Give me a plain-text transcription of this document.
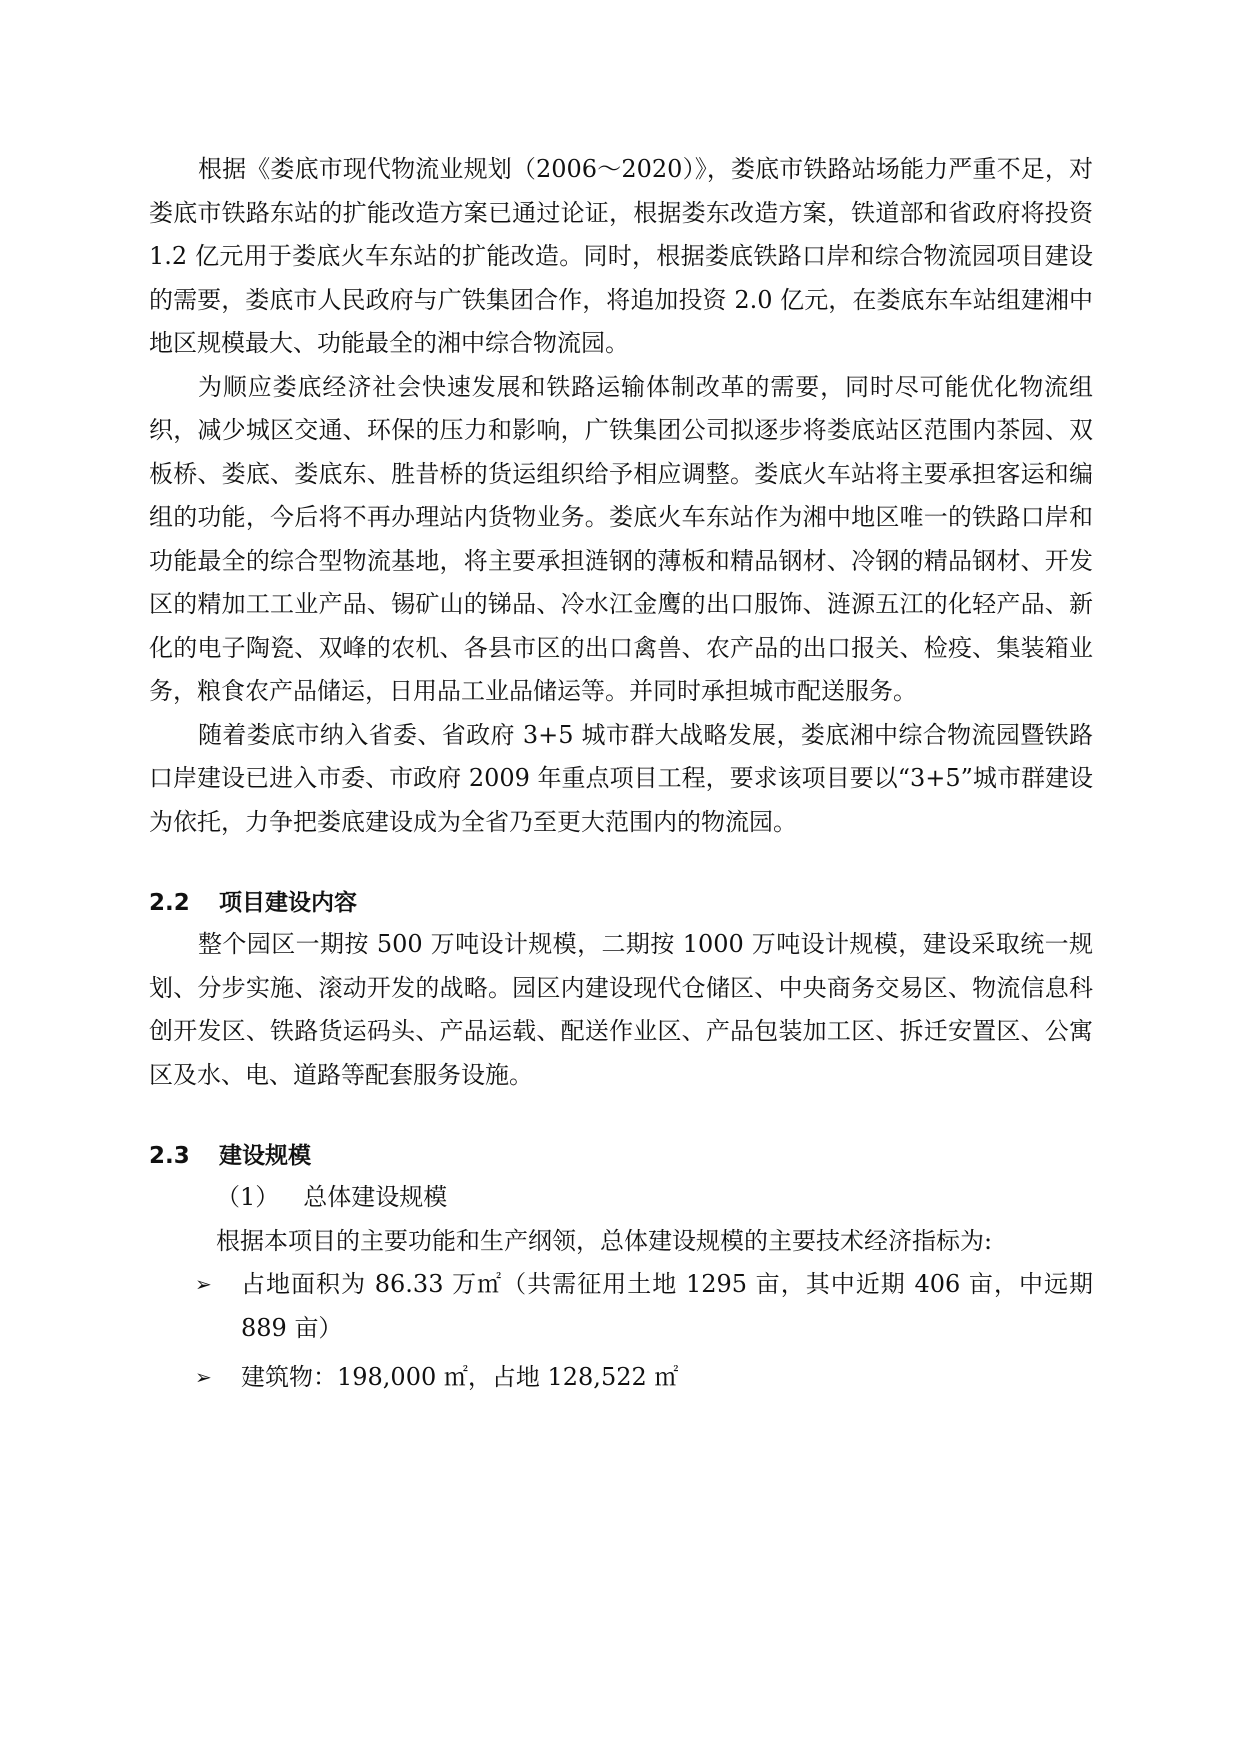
根据《娄底市现代物流业规划（2006～2020）》，娄底市铁路站场能力严重不足，对娄底市铁路东站的扩能改造方案已通过论证，根据娄东改造方案，铁道部和省政府将投资 1.2 亿元用于娄底火车东站的扩能改造。同时，根据娄底铁路口岸和综合物流园项目建设的需要，娄底市人民政府与广铁集团合作，将追加投资 2.0 亿元，在娄底东车站组建湘中地区规模最大、功能最全的湘中综合物流园。

为顺应娄底经济社会快速发展和铁路运输体制改革的需要，同时尽可能优化物流组织，减少城区交通、环保的压力和影响，广铁集团公司拟逐步将娄底站区范围内茶园、双板桥、娄底、娄底东、胜昔桥的货运组织给予相应调整。娄底火车站将主要承担客运和编组的功能，今后将不再办理站内货物业务。娄底火车东站作为湘中地区唯一的铁路口岸和功能最全的综合型物流基地，将主要承担涟钢的薄板和精品钢材、冷钢的精品钢材、开发区的精加工工业产品、锡矿山的锑品、冷水江金鹰的出口服饰、涟源五江的化轻产品、新化的电子陶瓷、双峰的农机、各县市区的出口禽兽、农产品的出口报关、检疫、集装箱业务，粮食农产品储运，日用品工业品储运等。并同时承担城市配送服务。

随着娄底市纳入省委、省政府 3+5 城市群大战略发展，娄底湘中综合物流园暨铁路口岸建设已进入市委、市政府 2009 年重点项目工程，要求该项目要以“3+5”城市群建设为依托，力争把娄底建设成为全省乃至更大范围内的物流园。

2.2	项目建设内容

整个园区一期按 500 万吨设计规模，二期按 1000 万吨设计规模，建设采取统一规划、分步实施、滚动开发的战略。园区内建设现代仓储区、中央商务交易区、物流信息科创开发区、铁路货运码头、产品运载、配送作业区、产品包装加工区、拆迁安置区、公寓区及水、电、道路等配套服务设施。

2.3	建设规模

（1） 总体建设规模

根据本项目的主要功能和生产纲领，总体建设规模的主要技术经济指标为:

➢ 占地面积为 86.33 万㎡（共需征用土地 1295 亩，其中近期 406 亩，中远期 889 亩）

➢ 建筑物：198,000 ㎡，占地 128,522 ㎡
